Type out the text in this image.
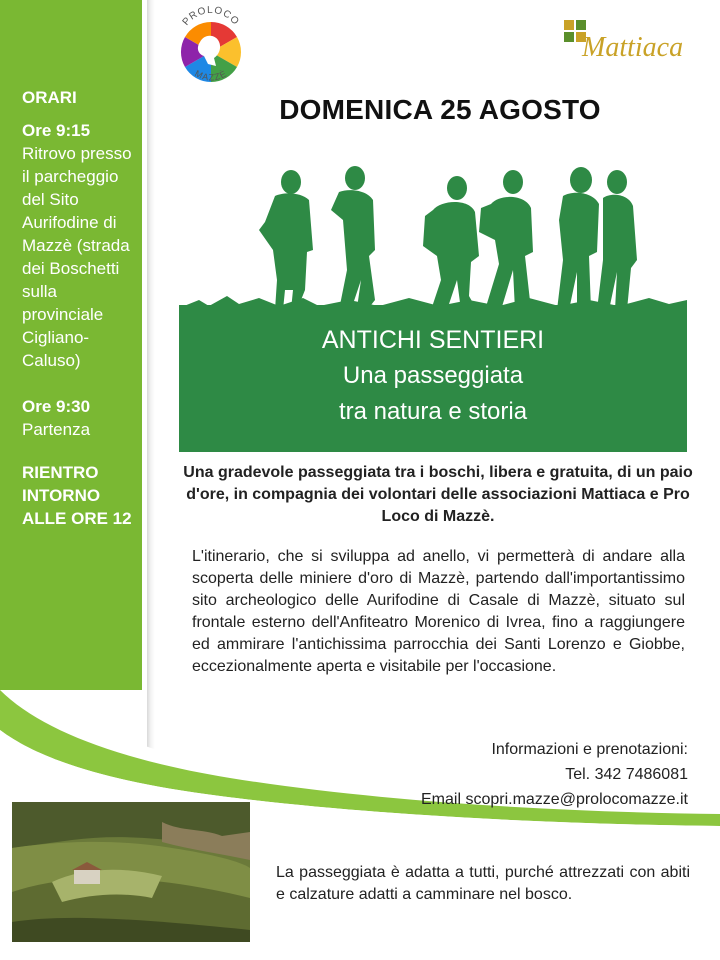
ORARI
Ore 9:15
Ritrovo presso il parcheggio del Sito Aurifodine di Mazzè (strada dei Boschetti sulla provinciale Cigliano-Caluso)
Ore 9:30
Partenza
RIENTRO INTORNO ALLE ORE 12
PROLOCO
MAZZÈ
Mattiaca
DOMENICA 25 AGOSTO
ANTICHI SENTIERI
Una passeggiata
tra natura e storia
Una gradevole passeggiata tra i boschi, libera e gratuita, di un paio d'ore, in compagnia dei volontari delle associazioni Mattiaca e Pro Loco di Mazzè.
L'itinerario, che si sviluppa ad anello, vi permetterà di andare alla scoperta delle miniere d'oro di Mazzè, partendo dall'importantissimo sito archeologico delle Aurifodine di Casale di Mazzè, situato sul frontale esterno dell'Anfiteatro Morenico di Ivrea, fino a raggiungere ed ammirare l'antichissima parrocchia dei Santi Lorenzo e Giobbe, eccezionalmente aperta e visitabile per l'occasione.
Informazioni e prenotazioni:
Tel. 342 7486081
Email scopri.mazze@prolocomazze.it
La passeggiata è adatta a tutti, purché attrezzati con abiti e calzature adatti a camminare nel bosco.
